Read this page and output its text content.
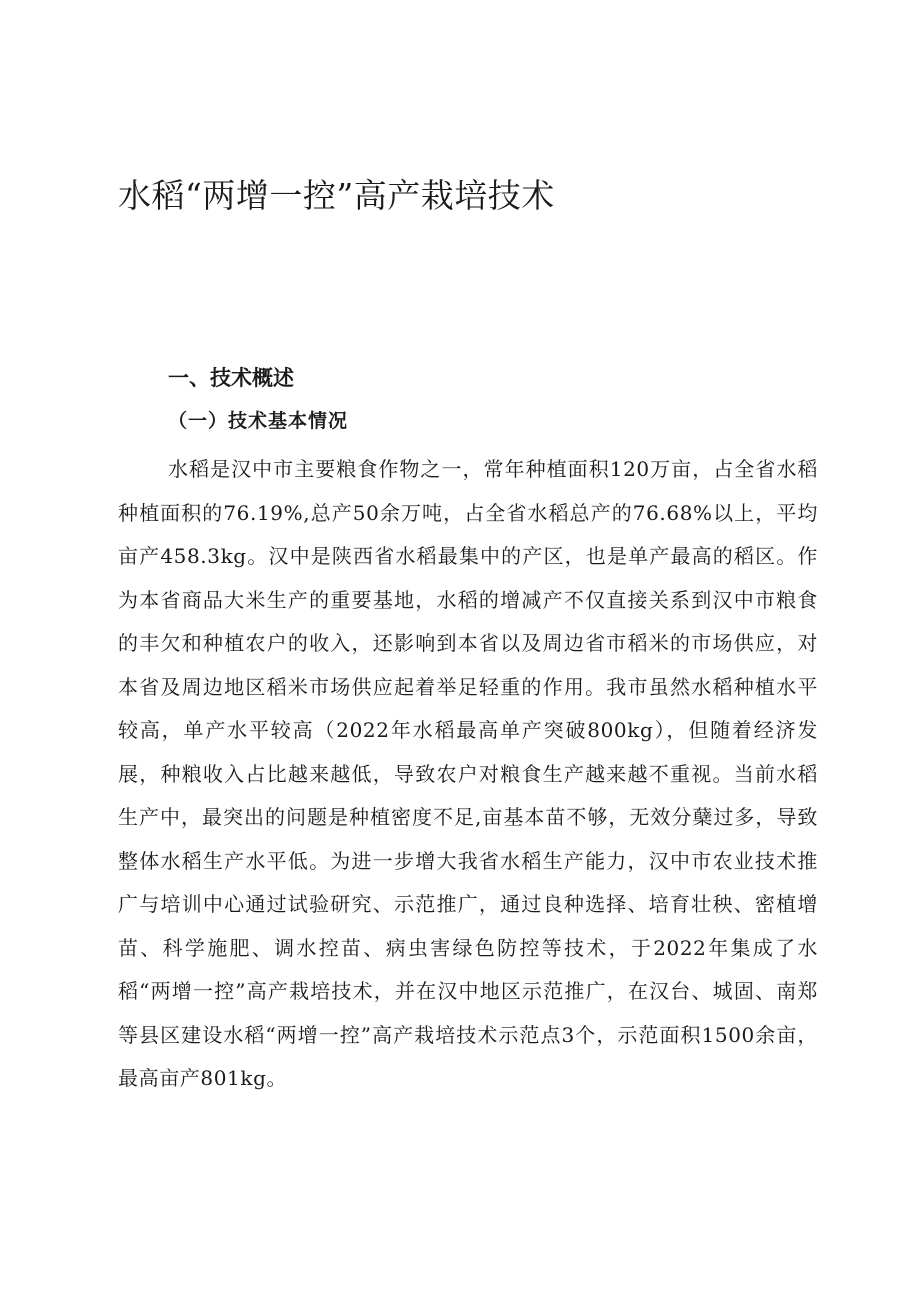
水稻“两增一控”高产栽培技术
一、技术概述
（一）技术基本情况

水稻是汉中市主要粮食作物之一，常年种植面积120万亩，占全省水稻种植面积的76.19%,总产50余万吨，占全省水稻总产的76.68%以上，平均亩产458.3kg。汉中是陕西省水稻最集中的产区，也是单产最高的稻区。作为本省商品大米生产的重要基地，水稻的增减产不仅直接关系到汉中市粮食的丰欠和种植农户的收入，还影响到本省以及周边省市稻米的市场供应，对本省及周边地区稻米市场供应起着举足轻重的作用。我市虽然水稻种植水平较高，单产水平较高（2022年水稻最高单产突破800kg），但随着经济发展，种粮收入占比越来越低，导致农户对粮食生产越来越不重视。当前水稻生产中，最突出的问题是种植密度不足,亩基本苗不够，无效分蘖过多，导致整体水稻生产水平低。为进一步增大我省水稻生产能力，汉中市农业技术推广与培训中心通过试验研究、示范推广，通过良种选择、培育壮秧、密植增苗、科学施肥、调水控苗、病虫害绿色防控等技术，于2022年集成了水稻“两增一控”高产栽培技术，并在汉中地区示范推广，在汉台、城固、南郑等县区建设水稻“两增一控”高产栽培技术示范点3个，示范面积1500余亩，最高亩产801kg。
